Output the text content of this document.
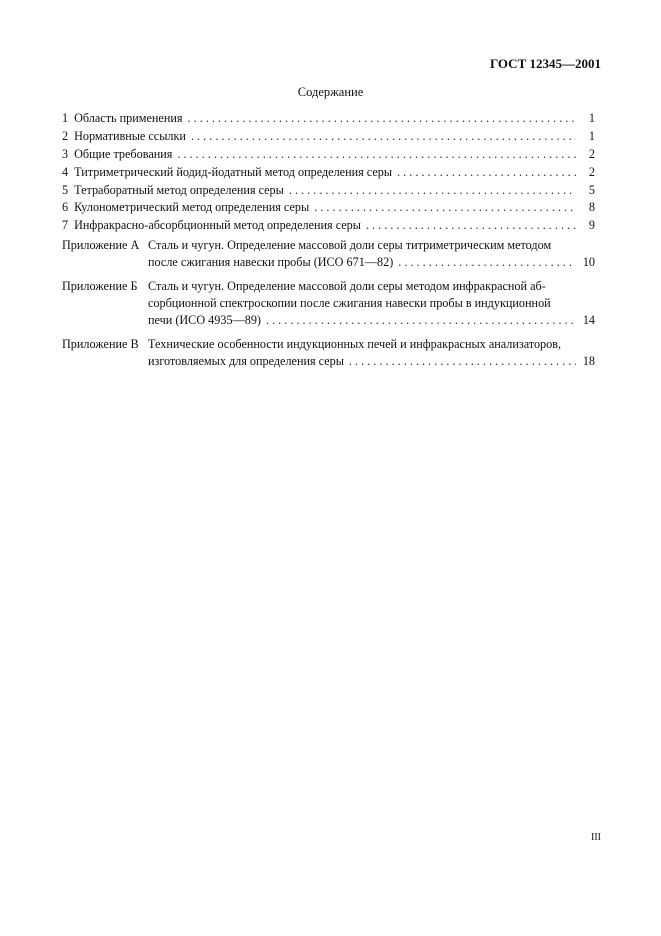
ГОСТ 12345—2001
Содержание
1 Область применения . . .	1
2 Нормативные ссылки . . .	1
3 Общие требования . . .	2
4 Титриметрический йодид-йодатный метод определения серы . . .	2
5 Тетраборатный метод определения серы . . .	5
6 Кулонометрический метод определения серы . . .	8
7 Инфракрасно-абсорбционный метод определения серы . . .	9
Приложение А Сталь и чугун. Определение массовой доли серы титриметрическим методом
после сжигания навески пробы (ИСО 671—82) . . .	10
Приложение Б Сталь и чугун. Определение массовой доли серы методом инфракрасной аб-
сорбционной спектроскопии после сжигания навески пробы в индукционной
печи (ИСО 4935—89) . . .	14
Приложение В Технические особенности индукционных печей и инфракрасных анализаторов,
изготовляемых для определения серы . . .	18
III
